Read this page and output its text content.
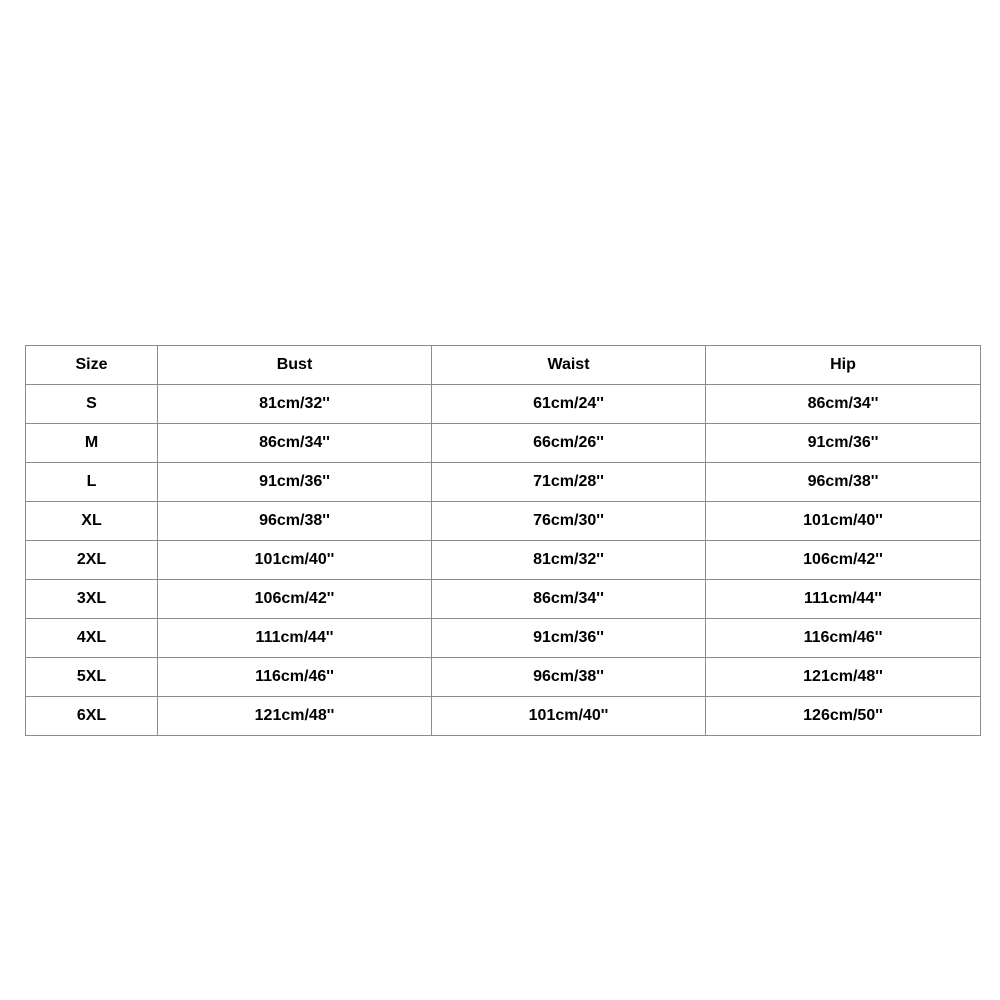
Size	Bust	Waist	Hip
S	81cm/32''	61cm/24''	86cm/34''
M	86cm/34''	66cm/26''	91cm/36''
L	91cm/36''	71cm/28''	96cm/38''
XL	96cm/38''	76cm/30''	101cm/40''
2XL	101cm/40''	81cm/32''	106cm/42''
3XL	106cm/42''	86cm/34''	111cm/44''
4XL	111cm/44''	91cm/36''	116cm/46''
5XL	116cm/46''	96cm/38''	121cm/48''
6XL	121cm/48''	101cm/40''	126cm/50''
